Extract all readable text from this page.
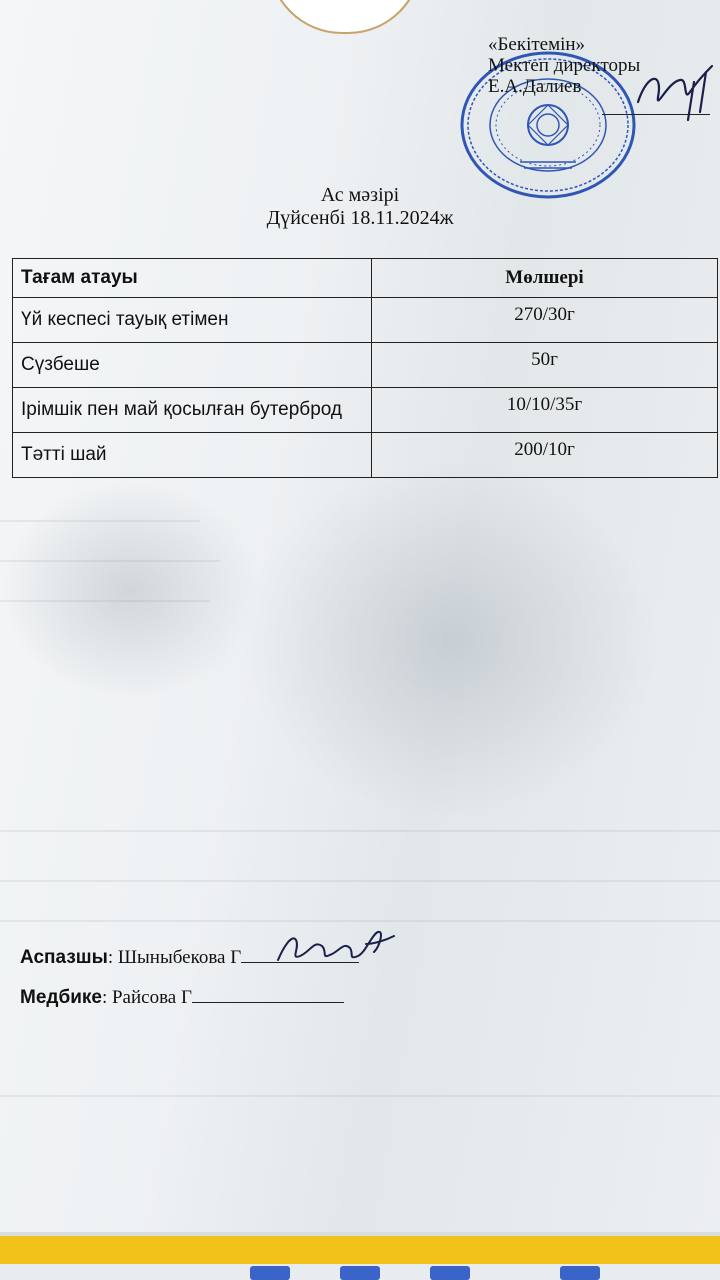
«Бекітемін»
Мектеп директоры
Е.А.Далиев
Ас мәзірі
Дүйсенбі 18.11.2024ж
Тағам атауы	Мөлшері
Үй кеспесі тауық етімен	270/30г
Сүзбеше	50г
Ірімшік пен май қосылған бутерброд	10/10/35г
Тәтті шай	200/10г
Аспазшы: Шыныбекова Г
Медбике: Райсова Г
